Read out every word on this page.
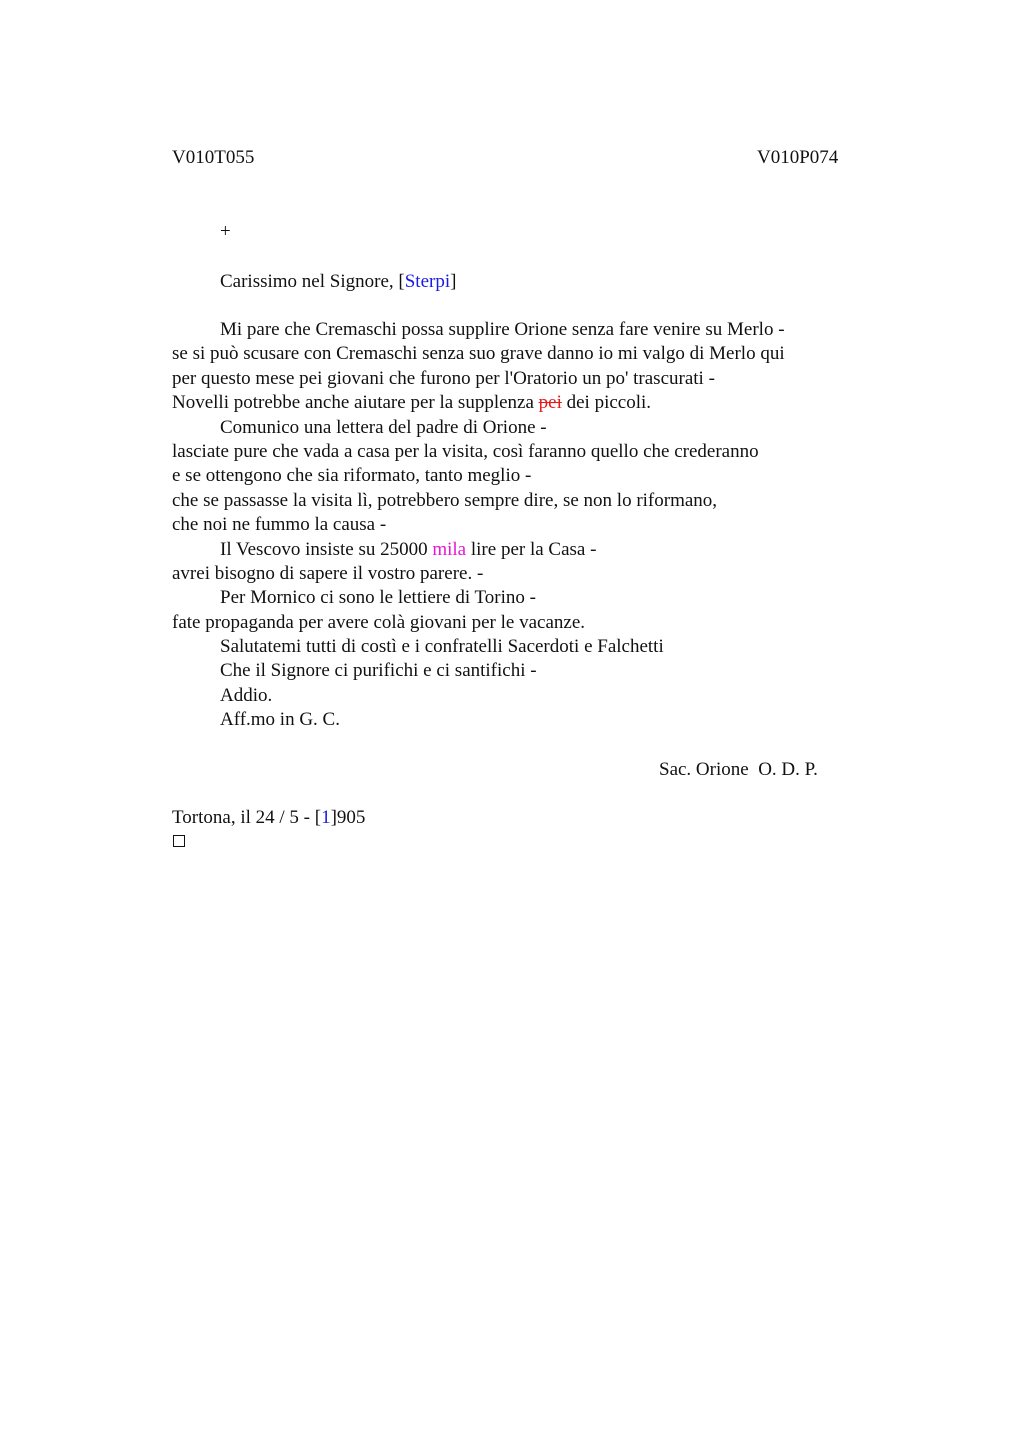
V010T055	V010P074
+
Carissimo nel Signore, [Sterpi]
Mi pare che Cremaschi possa supplire Orione senza fare venire su Merlo -
se si può scusare con Cremaschi senza suo grave danno io mi valgo di Merlo qui
per questo mese pei giovani che furono per l'Oratorio un po' trascurati -
Novelli potrebbe anche aiutare per la supplenza pei dei piccoli.
Comunico una lettera del padre di Orione -
lasciate pure che vada a casa per la visita, così faranno quello che crederanno
e se ottengono che sia riformato, tanto meglio -
che se passasse la visita lì, potrebbero sempre dire, se non lo riformano,
che noi ne fummo la causa -
Il Vescovo insiste su 25000 mila lire per la Casa -
avrei bisogno di sapere il vostro parere. -
Per Mornico ci sono le lettiere di Torino -
fate propaganda per avere colà giovani per le vacanze.
Salutatemi tutti di costì e i confratelli Sacerdoti e Falchetti
Che il Signore ci purifichi e ci santifichi -
Addio.
Aff.mo in G. C.
Sac. Orione  O. D. P.
Tortona, il 24 / 5 - [1]905
